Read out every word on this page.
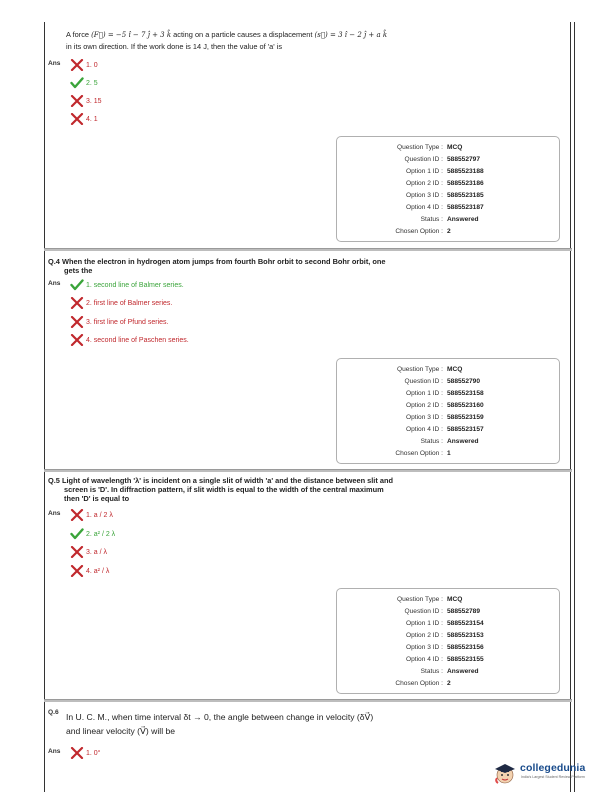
A force (F⃗) = −5 î − 7 ĵ + 3 k̂ acting on a particle causes a displacement (s⃗) = 3 î − 2 ĵ + a k̂
in its own direction. If the work done is 14 J, then the value of 'a' is
Ans	1. 0
2. 5
3. 15
4. 1
Question Type : MCQ
Question ID : 588552797
Option 1 ID : 5885523188
Option 2 ID : 5885523186
Option 3 ID : 5885523185
Option 4 ID : 5885523187
Status : Answered
Chosen Option : 2
Q.4 When the electron in hydrogen atom jumps from fourth Bohr orbit to second Bohr orbit, one
gets the
Ans	1. second line of Balmer series.
2. first line of Balmer series.
3. first line of Pfund series.
4. second line of Paschen series.
Question Type : MCQ
Question ID : 588552790
Option 1 ID : 5885523158
Option 2 ID : 5885523160
Option 3 ID : 5885523159
Option 4 ID : 5885523157
Status : Answered
Chosen Option : 1
Q.5 Light of wavelength 'λ' is incident on a single slit of width 'a' and the distance between slit and
screen is 'D'. In diffraction pattern, if slit width is equal to the width of the central maximum
then 'D' is equal to
Ans	1. a / 2 λ
2. a² / 2 λ
3. a / λ
4. a² / λ
Question Type : MCQ
Question ID : 588552789
Option 1 ID : 5885523154
Option 2 ID : 5885523153
Option 3 ID : 5885523156
Option 4 ID : 5885523155
Status : Answered
Chosen Option : 2
Q.6 In U. C. M., when time interval δt → 0, the angle between change in velocity (δV⃗)
and linear velocity (V⃗) will be
Ans	1. 0°
collegedunia
India's Largest Student Review Platform
